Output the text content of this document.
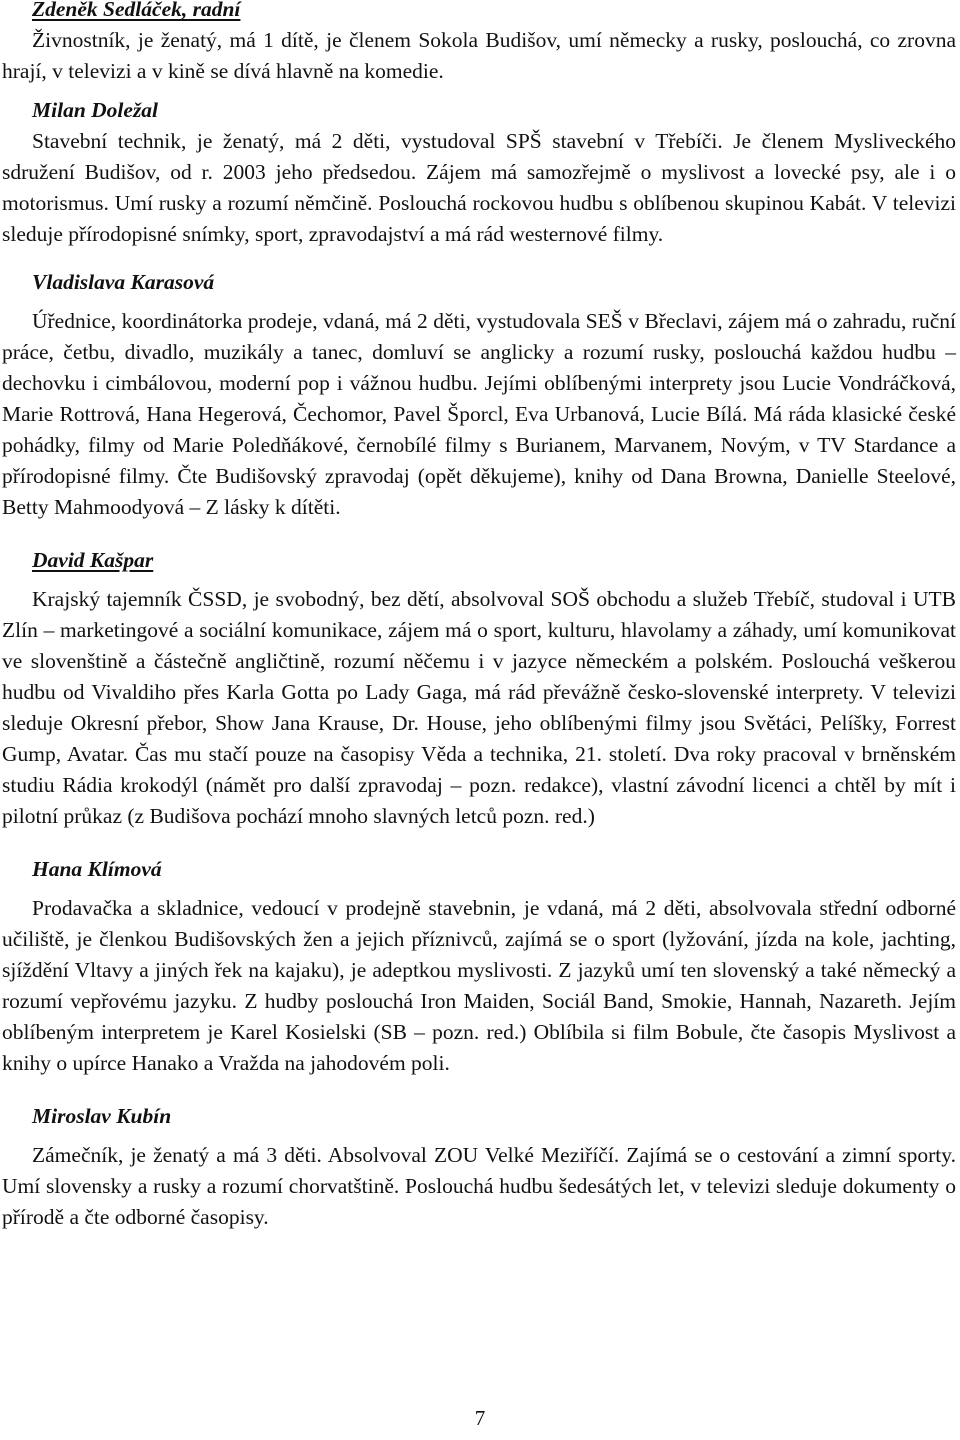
Zdeněk Sedláček, radní

Živnostník, je ženatý, má 1 dítě, je členem Sokola Budišov, umí německy a rusky, poslouchá, co zrovna hrají, v televizi a v kině se dívá hlavně na komedie.

Milan Doležal

Stavební technik, je ženatý, má 2 děti, vystudoval SPŠ stavební v Třebíči. Je členem Mysliveckého sdružení Budišov, od r. 2003 jeho předsedou. Zájem má samozřejmě o myslivost a lovecké psy, ale i o motorismus. Umí rusky a rozumí němčině. Poslouchá rockovou hudbu s oblíbenou skupinou Kabát. V televizi sleduje přírodopisné snímky, sport, zpravodajství a má rád westernové filmy.

Vladislava Karasová

Úřednice, koordinátorka prodeje, vdaná, má 2 děti, vystudovala SEŠ v Břeclavi, zájem má o zahradu, ruční práce, četbu, divadlo, muzikály a tanec, domluví se anglicky a rozumí rusky, poslouchá každou hudbu – dechovku i cimbálovou, moderní pop i vážnou hudbu. Jejími oblíbenými interprety jsou Lucie Vondráčková, Marie Rottrová, Hana Hegerová, Čechomor, Pavel Šporcl, Eva Urbanová, Lucie Bílá. Má ráda klasické české pohádky, filmy od Marie Poledňákové, černobílé filmy s Burianem, Marvanem, Novým, v TV Stardance a přírodopisné filmy. Čte Budišovský zpravodaj (opět děkujeme), knihy od Dana Browna, Danielle Steelové, Betty Mahmoodyová – Z lásky k dítěti.

David Kašpar

Krajský tajemník ČSSD, je svobodný, bez dětí, absolvoval SOŠ obchodu a služeb Třebíč, studoval i UTB Zlín – marketingové a sociální komunikace, zájem má o sport, kulturu, hlavolamy a záhady, umí komunikovat ve slovenštině a částečně angličtině, rozumí něčemu i v jazyce německém a polském. Poslouchá veškerou hudbu od Vivaldiho přes Karla Gotta po Lady Gaga, má rád převážně česko-slovenské interprety. V televizi sleduje Okresní přebor, Show Jana Krause, Dr. House, jeho oblíbenými filmy jsou Světáci, Pelíšky, Forrest Gump, Avatar. Čas mu stačí pouze na časopisy Věda a technika, 21. století. Dva roky pracoval v brněnském studiu Rádia krokodýl (námět pro další zpravodaj – pozn. redakce), vlastní závodní licenci a chtěl by mít i pilotní průkaz (z Budišova pochází mnoho slavných letců pozn. red.)

Hana Klímová

Prodavačka a skladnice, vedoucí v prodejně stavebnin, je vdaná, má 2 děti, absolvovala střední odborné učiliště, je členkou Budišovských žen a jejich příznivců, zajímá se o sport (lyžování, jízda na kole, jachting, sjíždění Vltavy a jiných řek na kajaku), je adeptkou myslivosti. Z jazyků umí ten slovenský a také německý a rozumí vepřovému jazyku. Z hudby poslouchá Iron Maiden, Sociál Band, Smokie, Hannah, Nazareth. Jejím oblíbeným interpretem je Karel Kosielski (SB – pozn. red.) Oblíbila si film Bobule, čte časopis Myslivost a knihy o upírce Hanako a Vražda na jahodovém poli.

Miroslav Kubín

Zámečník, je ženatý a má 3 děti. Absolvoval ZOU Velké Meziříčí. Zajímá se o cestování a zimní sporty. Umí slovensky a rusky a rozumí chorvatštině. Poslouchá hudbu šedesátých let, v televizi sleduje dokumenty o přírodě a čte odborné časopisy.

7
